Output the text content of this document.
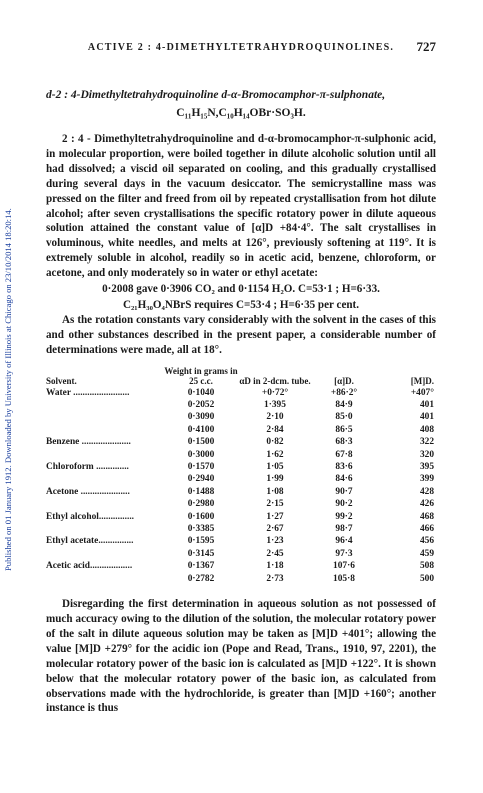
Published on 01 January 1912. Downloaded by University of Illinois at Chicago on 23/10/2014 18:20:14.
ACTIVE 2 : 4-DIMETHYLTETRAHYDROQUINOLINES.	727
d-2 : 4-Dimethyltetrahydroquinoline d-α-Bromocamphor-π-sulphonate,
C₁₁H₁₅N,C₁₀H₁₄OBr·SO₃H.

2 : 4 - Dimethyltetrahydroquinoline and d-α-bromocamphor-π-sulphonic acid, in molecular proportion, were boiled together in dilute alcoholic solution until all had dissolved; a viscid oil separated on cooling, and this gradually crystallised during several days in the vacuum desiccator. The semicrystalline mass was pressed on the filter and freed from oil by repeated crystallisation from hot dilute alcohol; after seven crystallisations the specific rotatory power in dilute aqueous solution attained the constant value of [α]D +84·4°. The salt crystallises in voluminous, white needles, and melts at 126°, previously softening at 119°. It is extremely soluble in alcohol, readily so in acetic acid, benzene, chloroform, or acetone, and only moderately so in water or ethyl acetate:

0·2008 gave 0·3906 CO₂ and 0·1154 H₂O. C=53·1 ; H=6·33.
C₂₁H₃₀O₄NBrS requires C=53·4 ; H=6·35 per cent.

As the rotation constants vary considerably with the solvent in the cases of this and other substances described in the present paper, a considerable number of determinations were made, all at 18°.

Solvent.	Weight in grams in 25 c.c.	αD in 2-dcm. tube.	[α]D.	[M]D.
Water ........................	0·1040	+0·72°	+86·2°	+407°
	0·2052	1·395	84·9	401
	0·3090	2·10	85·0	401
	0·4100	2·84	86·5	408
Benzene .....................	0·1500	0·82	68·3	322
	0·3000	1·62	67·8	320
Chloroform ..............	0·1570	1·05	83·6	395
	0·2940	1·99	84·6	399
Acetone .....................	0·1488	1·08	90·7	428
	0·2980	2·15	90·2	426
Ethyl alcohol...............	0·1600	1·27	99·2	468
	0·3385	2·67	98·7	466
Ethyl acetate...............	0·1595	1·23	96·4	456
	0·3145	2·45	97·3	459
Acetic acid..................	0·1367	1·18	107·6	508
	0·2782	2·73	105·8	500

Disregarding the first determination in aqueous solution as not possessed of much accuracy owing to the dilution of the solution, the molecular rotatory power of the salt in dilute aqueous solution may be taken as [M]D +401°; allowing the value [M]D +279° for the acidic ion (Pope and Read, Trans., 1910, 97, 2201), the molecular rotatory power of the basic ion is calculated as [M]D +122°. It is shown below that the molecular rotatory power of the basic ion, as calculated from observations made with the hydrochloride, is greater than [M]D +160°; another instance is thus
